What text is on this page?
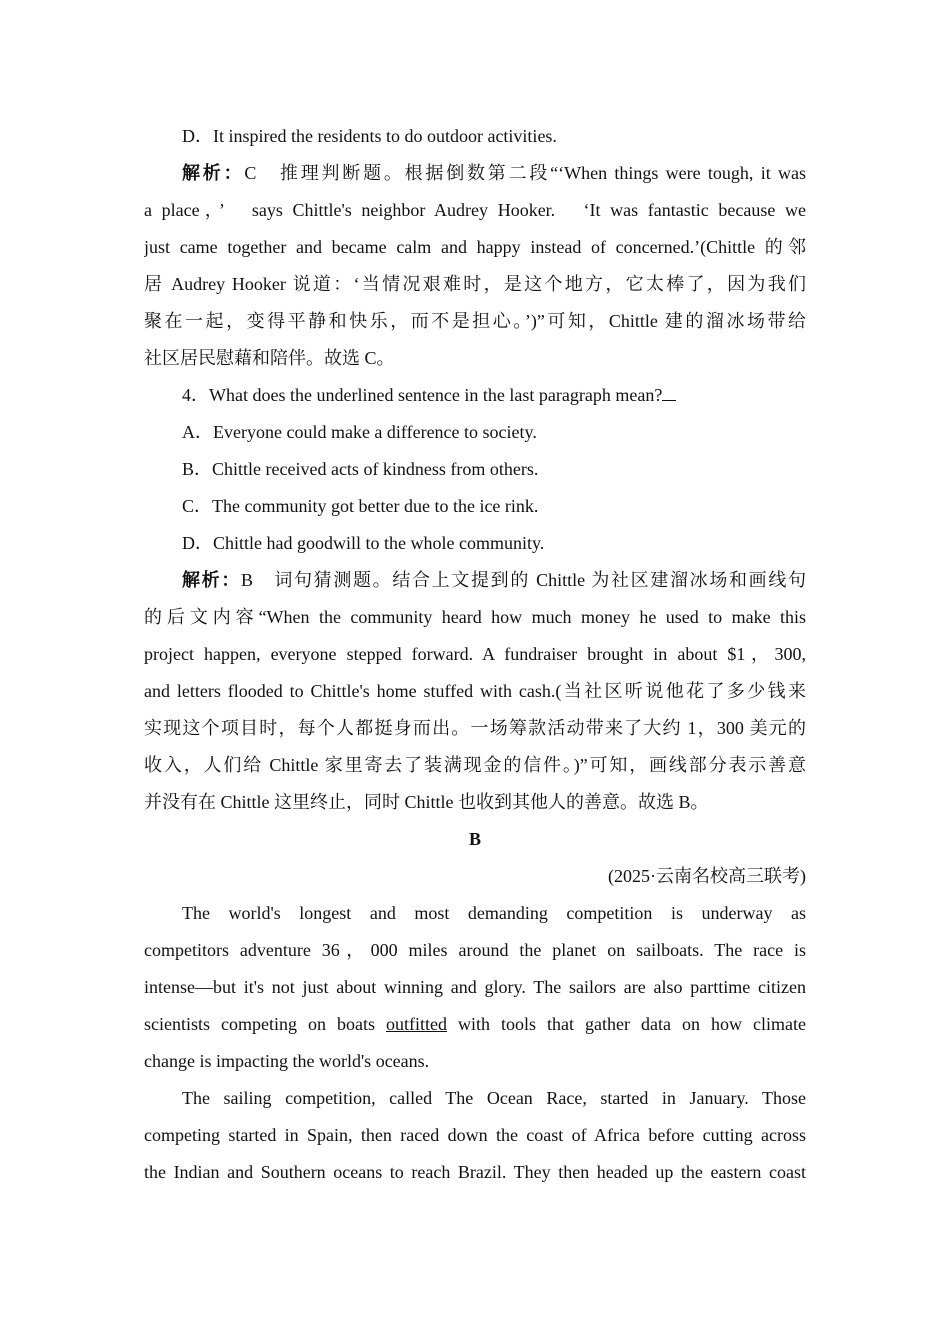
D．It inspired the residents to do outdoor activities.
解析：C　推理判断题。根据倒数第二段“‘When things were tough, it was
a place，’　says Chittle's neighbor Audrey Hooker.　‘It was fantastic because we
just came together and became calm and happy instead of concerned.’(Chittle 的邻
居 Audrey Hooker 说道：‘当情况艰难时，是这个地方，它太棒了，因为我们
聚在一起，变得平静和快乐，而不是担心。’)”可知，Chittle 建的溜冰场带给
社区居民慰藉和陪伴。故选 C。
4．What does the underlined sentence in the last paragraph mean?
A．Everyone could make a difference to society.
B．Chittle received acts of kindness from others.
C．The community got better due to the ice rink.
D．Chittle had goodwill to the whole community.
解析：B　词句猜测题。结合上文提到的 Chittle 为社区建溜冰场和画线句
的后文内容“When the community heard how much money he used to make this
project happen, everyone stepped forward. A fundraiser brought in about $1，300,
and letters flooded to Chittle's home stuffed with cash.(当社区听说他花了多少钱来
实现这个项目时，每个人都挺身而出。一场筹款活动带来了大约 1，300 美元的
收入，人们给 Chittle 家里寄去了装满现金的信件。)”可知，画线部分表示善意
并没有在 Chittle 这里终止，同时 Chittle 也收到其他人的善意。故选 B。
B
(2025·云南名校高三联考)
The world's longest and most demanding competition is underway as
competitors adventure 36，000 miles around the planet on sailboats. The race is
intense—but it's not just about winning and glory. The sailors are also parttime citizen
scientists competing on boats outfitted with tools that gather data on how climate
change is impacting the world's oceans.
The sailing competition, called The Ocean Race, started in January. Those
competing started in Spain, then raced down the coast of Africa before cutting across
the Indian and Southern oceans to reach Brazil. They then headed up the eastern coast
